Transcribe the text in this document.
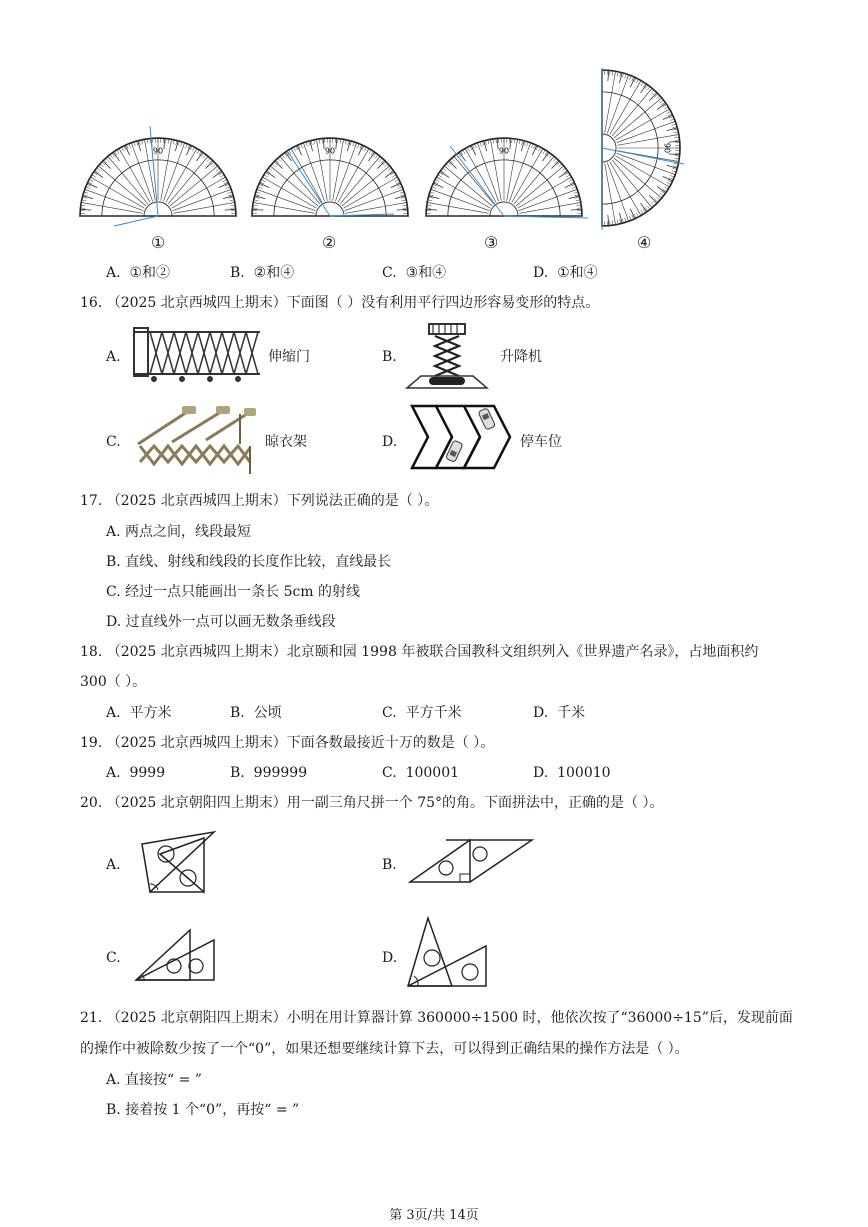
90	90	90	90
①	②	③	④
A. ①和②	B. ②和④	C. ③和④	D. ①和④
16. （2025 北京西城四上期末）下面图（ ）没有利用平行四边形容易变形的特点。
A.	伸缩门	B.	升降机
C.	晾衣架	D.	停车位
17. （2025 北京西城四上期末）下列说法正确的是（ ）。
A. 两点之间，线段最短
B. 直线、射线和线段的长度作比较，直线最长
C. 经过一点只能画出一条长 5cm 的射线
D. 过直线外一点可以画无数条垂线段
18. （2025 北京西城四上期末）北京颐和园 1998 年被联合国教科文组织列入《世界遗产名录》，占地面积约
300（ ）。
A. 平方米	B. 公顷	C. 平方千米	D. 千米
19. （2025 北京西城四上期末）下面各数最接近十万的数是（ ）。
A. 9999	B. 999999	C. 100001	D. 100010
20. （2025 北京朝阳四上期末）用一副三角尺拼一个 75°的角。下面拼法中，正确的是（ ）。
A.	B.
C.	D.
21. （2025 北京朝阳四上期末）小明在用计算器计算 360000÷1500 时，他依次按了“36000÷15”后，发现前面
的操作中被除数少按了一个“0”，如果还想要继续计算下去，可以得到正确结果的操作方法是（ ）。
A. 直接按“ = ”
B. 接着按 1 个“0”，再按“ = ”
第 3页/共 14页
